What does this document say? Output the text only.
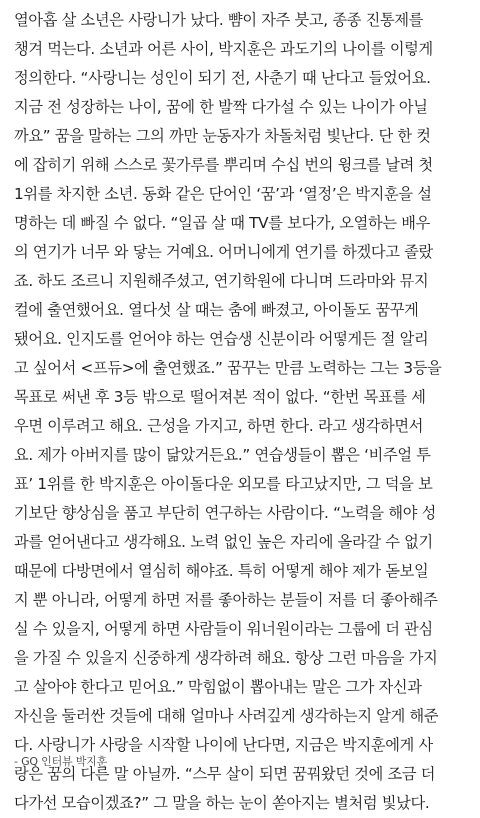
열아홉 살 소년은 사랑니가 났다. 뺨이 자주 붓고, 종종 진통제를
챙겨 먹는다. 소년과 어른 사이, 박지훈은 과도기의 나이를 이렇게
정의한다. “사랑니는 성인이 되기 전, 사춘기 때 난다고 들었어요.
지금 전 성장하는 나이, 꿈에 한 발짝 다가설 수 있는 나이가 아닐
까요” 꿈을 말하는 그의 까만 눈동자가 차돌처럼 빛난다. 단 한 컷
에 잡히기 위해 스스로 꽃가루를 뿌리며 수십 번의 윙크를 날려 첫
1위를 차지한 소년. 동화 같은 단어인 ‘꿈’과 ‘열정’은 박지훈을 설
명하는 데 빠질 수 없다. “일곱 살 때 TV를 보다가, 오열하는 배우
의 연기가 너무 와 닿는 거예요. 어머니에게 연기를 하겠다고 졸랐
죠. 하도 조르니 지원해주셨고, 연기학원에 다니며 드라마와 뮤지
컬에 출연했어요. 열다섯 살 때는 춤에 빠졌고, 아이돌도 꿈꾸게
됐어요. 인지도를 얻어야 하는 연습생 신분이라 어떻게든 절 알리
고 싶어서 <프듀>에 출연했죠.” 꿈꾸는 만큼 노력하는 그는 3등을
목표로 써낸 후 3등 밖으로 떨어져본 적이 없다. “한번 목표를 세
우면 이루려고 해요. 근성을 가지고, 하면 한다. 라고 생각하면서
요. 제가 아버지를 많이 닮았거든요.” 연습생들이 뽑은 ‘비주얼 투
표’ 1위를 한 박지훈은 아이돌다운 외모를 타고났지만, 그 덕을 보
기보단 향상심을 품고 부단히 연구하는 사람이다. “노력을 해야 성
과를 얻어낸다고 생각해요. 노력 없인 높은 자리에 올라갈 수 없기
때문에 다방면에서 열심히 해야죠. 특히 어떻게 해야 제가 돋보일
지 뿐 아니라, 어떻게 하면 저를 좋아하는 분들이 저를 더 좋아해주
실 수 있을지, 어떻게 하면 사람들이 워너원이라는 그룹에 더 관심
을 가질 수 있을지 신중하게 생각하려 해요. 항상 그런 마음을 가지
고 살아야 한다고 믿어요.” 막힘없이 뽑아내는 말은 그가 자신과
자신을 둘러싼 것들에 대해 얼마나 사려깊게 생각하는지 알게 해준
다. 사랑니가 사랑을 시작할 나이에 난다면, 지금은 박지훈에게 사
랑은 꿈의 다른 말 아닐까. “스무 살이 되면 꿈꿔왔던 것에 조금 더
다가선 모습이겠죠?” 그 말을 하는 눈이 쏟아지는 별처럼 빛났다.
- GQ 인터뷰 박지훈
